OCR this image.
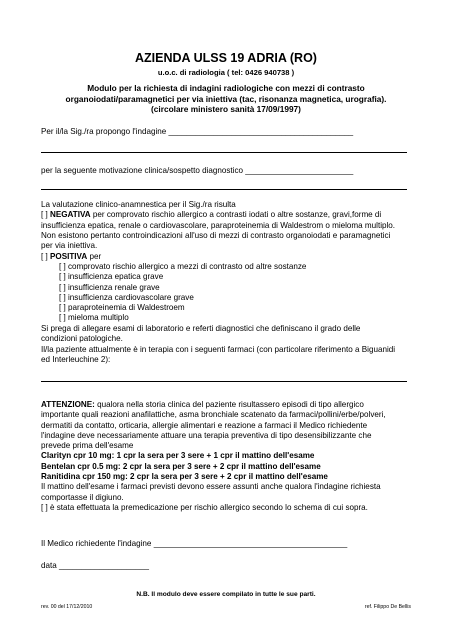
AZIENDA ULSS 19 ADRIA (RO)
u.o.c. di radiologia ( tel: 0426 940738 )
Modulo per la richiesta di indagini radiologiche con mezzi di contrasto
organoiodati/paramagnetici per via iniettiva (tac, risonanza magnetica, urografia).
(circolare ministero sanità 17/09/1997)
Per il/la Sig./ra propongo l'indagine _________________________________________
per la seguente motivazione clinica/sospetto diagnostico ________________________
La valutazione clinico-anamnestica per il Sig./ra risulta
[ ] NEGATIVA per comprovato rischio allergico a contrasti iodati o altre sostanze, gravi,forme di
insufficienza epatica, renale o cardiovascolare, paraproteinemia di Waldestrom o mieloma multiplo.
Non esistono pertanto controindicazioni all'uso di mezzi di contrasto organoiodati e paramagnetici
per via iniettiva.
[ ] POSITIVA per
[ ] comprovato rischio allergico a mezzi di contrasto od altre sostanze
[ ] insufficienza epatica grave
[ ] insufficienza renale grave
[ ] insufficienza cardiovascolare grave
[ ] paraproteinemia di Waldestroem
[ ] mieloma multiplo
Si prega di allegare esami di laboratorio e referti diagnostici che definiscano il grado delle
condizioni patologiche.
Il/la paziente attualmente è in terapia con i seguenti farmaci (con particolare riferimento a Biguanidi
ed Interleuchine 2):
ATTENZIONE: qualora nella storia clinica del paziente risultassero episodi di tipo allergico
importante quali reazioni anafilattiche, asma bronchiale scatenato da farmaci/pollini/erbe/polveri,
dermatiti da contatto, orticaria, allergie alimentari e reazione a farmaci il Medico richiedente
l'indagine deve necessariamente attuare una terapia preventiva di tipo desensibilizzante che
prevede prima dell'esame
Clarityn cpr 10 mg: 1 cpr la sera per 3 sere + 1 cpr il mattino dell'esame
Bentelan cpr 0.5 mg: 2 cpr la sera per 3 sere + 2 cpr il mattino dell'esame
Ranitidina cpr 150 mg: 2 cpr la sera per 3 sere + 2 cpr il mattino dell'esame
Il mattino dell'esame i farmaci previsti devono essere assunti anche qualora l'indagine richiesta
comportasse il digiuno.
[ ] è stata effettuata la premedicazione per rischio allergico secondo lo schema di cui sopra.
Il Medico richiedente l'indagine ___________________________________________
data ____________________
N.B. Il modulo deve essere compilato in tutte le sue parti.
rev. 00 del 17/12/2010	ref. Filippo De Bellis
